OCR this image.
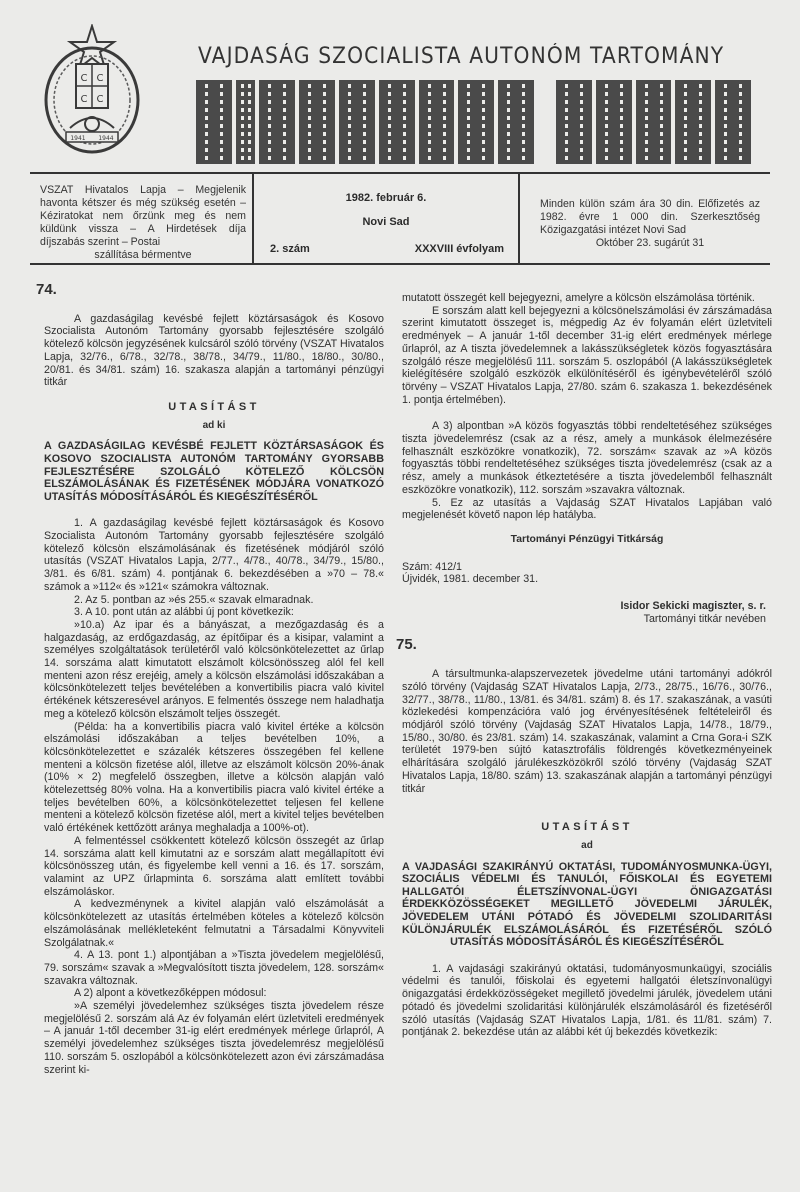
C C
C C
1941 1944
VAJDASÁG SZOCIALISTA AUTONÓM TARTOMÁNY
VSZAT Hivatalos Lapja – Megjelenik havonta kétszer és még szükség esetén – Kéziratokat nem őrzünk meg és nem küldünk vissza – A Hirdetések díja díjszabás szerint – Postai
szállítása bérmentve
1982. február 6.
Novi Sad
2. szám	XXXVIII évfolyam
Minden külön szám ára 30 din. Előfizetés az 1982. évre 1 000 din. Szerkesztőség Közigazgatási intézet Novi Sad
Október 23. sugárút 31
74.

A gazdaságilag kevésbé fejlett köztársaságok és Kosovo Szocialista Autonóm Tartomány gyorsabb fejlesztésére szolgáló kötelező kölcsön jegyzésének kulcsáról szóló törvény (VSZAT Hivatalos Lapja, 32/76., 6/78., 32/78., 38/78., 34/79., 11/80., 18/80., 30/80., 20/81. és 34/81. szám) 16. szakasza alapján a tartományi pénzügyi titkár

UTASÍTÁST
ad ki
A GAZDASÁGILAG KEVÉSBÉ FEJLETT KÖZTÁRSASÁGOK ÉS KOSOVO SZOCIALISTA AUTONÓM TARTOMÁNY GYORSABB FEJLESZTÉSÉRE SZOLGÁLÓ KÖTELEZŐ KÖLCSÖN ELSZÁMOLÁSÁNAK ÉS FIZETÉSÉNEK MÓDJÁRA VONATKOZÓ UTASÍTÁS MÓDOSÍTÁSÁRÓL ÉS KIEGÉSZÍTÉSÉRŐL

1. A gazdaságilag kevésbé fejlett köztársaságok és Kosovo Szocialista Autonóm Tartomány gyorsabb fejlesztésére szolgáló kötelező kölcsön elszámolásának és fizetésének módjáról szóló utasítás (VSZAT Hivatalos Lapja, 2/77., 4/78., 40/78., 34/79., 15/80., 3/81. és 6/81. szám) 4. pontjának 6. bekezdésében a »70 – 78.« számok a »112« és »121« számokra változnak.

2. Az 5. pontban az »és 255.« szavak elmaradnak.

3. A 10. pont után az alábbi új pont következik:

»10.a) Az ipar és a bányászat, a mezőgazdaság és a halgazdaság, az erdőgazdaság, az építőipar és a kisipar, valamint a személyes szolgáltatások területéről való kölcsönkötelezettet az űrlap 14. sorszáma alatt kimutatott elszámolt kölcsönösszeg alól fel kell menteni azon rész erejéig, amely a kölcsön elszámolási időszakában a kölcsönkötelezett teljes bevételében a konvertibilis piacra való kivitel értékének kétszeresével arányos. E felmentés összege nem haladhatja meg a kötelező kölcsön elszámolt teljes összegét.

(Példa: ha a konvertibilis piacra való kivitel értéke a kölcsön elszámolási időszakában a teljes bevételben 10%, a kölcsönkötelezettet e százalék kétszeres összegében fel kellene menteni a kölcsön fizetése alól, illetve az elszámolt kölcsön 20%-ának (10% × 2) megfelelő összegben, illetve a kölcsön alapján való kötelezettség 80% volna. Ha a konvertibilis piacra való kivitel értéke a teljes bevételben 60%, a kölcsönkötelezettet teljesen fel kellene menteni a kötelező kölcsön fizetése alól, mert a kivitel teljes bevételben való értékének kettőzött aránya meghaladja a 100%-ot).

A felmentéssel csökkentett kötelező kölcsön összegét az űrlap 14. sorszáma alatt kell kimutatni az e sorszám alatt megállapított évi kölcsönösszeg után, és figyelembe kell venni a 16. és 17. sorszám, valamint az UPZ űrlapminta 6. sorszáma alatt említett további elszámoláskor.

A kedvezménynek a kivitel alapján való elszámolását a kölcsönkötelezett az utasítás értelmében köteles a kötelező kölcsön elszámolásának mellékleteként felmutatni a Társadalmi Könyvviteli Szolgálatnak.«

4. A 13. pont 1.) alpontjában a »Tiszta jövedelem megjelölésű, 79. sorszám« szavak a »Megvalósított tiszta jövedelem, 128. sorszám« szavakra változnak.

A 2) alpont a következőképpen módosul:

»A személyi jövedelemhez szükséges tiszta jövedelem része megjelölésű 2. sorszám alá Az év folyamán elért üzletviteli eredmények – A január 1-től december 31-ig elért eredmények mérlege űrlapról, A személyi jövedelemhez szükséges tiszta jövedelemrész megjelölésű 110. sorszám 5. oszlopából a kölcsönkötelezett azon évi zárszámadása szerint ki-

mutatott összegét kell bejegyezni, amelyre a kölcsön elszámolása történik.

E sorszám alatt kell bejegyezni a kölcsönelszámolási év zárszámadása szerint kimutatott összeget is, mégpedig Az év folyamán elért üzletviteli eredmények – A január 1-től december 31-ig elért eredmények mérlege űrlapról, az A tiszta jövedelemnek a lakásszükségletek közös fogyasztására szolgáló része megjelölésű 111. sorszám 5. oszlopából (A lakásszükségletek kielégítésére szolgáló eszközök elkülönítéséről és igénybevételéről szóló törvény – VSZAT Hivatalos Lapja, 27/80. szám 6. szakasza 1. bekezdésének 1. pontja értelmében).

A 3) alpontban »A közös fogyasztás többi rendeltetéséhez szükséges tiszta jövedelemrész (csak az a rész, amely a munkások élelmezésére felhasznált eszközökre vonatkozik), 72. sorszám« szavak az »A közös fogyasztás többi rendeltetéséhez szükséges tiszta jövedelemrész (csak az a rész, amely a munkások étkeztetésére a tiszta jövedelemből felhasznált eszközökre vonatkozik), 112. sorszám »szavakra változnak.

5. Ez az utasítás a Vajdaság SZAT Hivatalos Lapjában való megjelenését követő napon lép hatályba.

Tartományi Pénzügyi Titkárság
Szám: 412/1
Újvidék, 1981. december 31.
Isidor Sekicki magiszter, s. r.
Tartományi titkár nevében
75.

A társultmunka-alapszervezetek jövedelme utáni tartományi adókról szóló törvény (Vajdaság SZAT Hivatalos Lapja, 2/73., 28/75., 16/76., 30/76., 32/77., 38/78., 11/80., 13/81. és 34/81. szám) 8. és 17. szakaszának, a vasúti közlekedési kompenzációra való jog érvényesítésének feltételeiről és módjáról szóló törvény (Vajdaság SZAT Hivatalos Lapja, 14/78., 18/79., 15/80., 30/80. és 23/81. szám) 14. szakaszának, valamint a Crna Gora-i SZK területét 1979-ben sújtó katasztrofális földrengés következményeinek elhárítására szolgáló járulékeszközökről szóló törvény (Vajdaság SZAT Hivatalos Lapja, 18/80. szám) 13. szakaszának alapján a tartományi pénzügyi titkár

UTASÍTÁST
ad
A VAJDASÁGI SZAKIRÁNYÚ OKTATÁSI, TUDOMÁNYOSMUNKA-ÜGYI, SZOCIÁLIS VÉDELMI ÉS TANULÓI, FŐISKOLAI ÉS EGYETEMI HALLGATÓI ÉLETSZÍNVONAL-ÜGYI ÖNIGAZGATÁSI ÉRDEKKÖZÖSSÉGEKET MEGILLETŐ JÖVEDELMI JÁRULÉK, JÖVEDELEM UTÁNI PÓTADÓ ÉS JÖVEDELMI SZOLIDARITÁSI KÜLÖNJÁRULÉK ELSZÁMOLÁSÁRÓL ÉS FIZETÉSÉRŐL SZÓLÓ UTASÍTÁS MÓDOSÍTÁSÁRÓL ÉS KIEGÉSZÍTÉSÉRŐL

1. A vajdasági szakirányú oktatási, tudományosmunkaügyi, szociális védelmi és tanulói, főiskolai és egyetemi hallgatói életszínvonalügyi önigazgatási érdekközösségeket megillető jövedelmi járulék, jövedelem utáni pótadó és jövedelmi szolidaritási különjárulék elszámolásáról és fizetéséről szóló utasítás (Vajdaság SZAT Hivatalos Lapja, 1/81. és 11/81. szám) 7. pontjának 2. bekezdése után az alábbi két új bekezdés következik:
